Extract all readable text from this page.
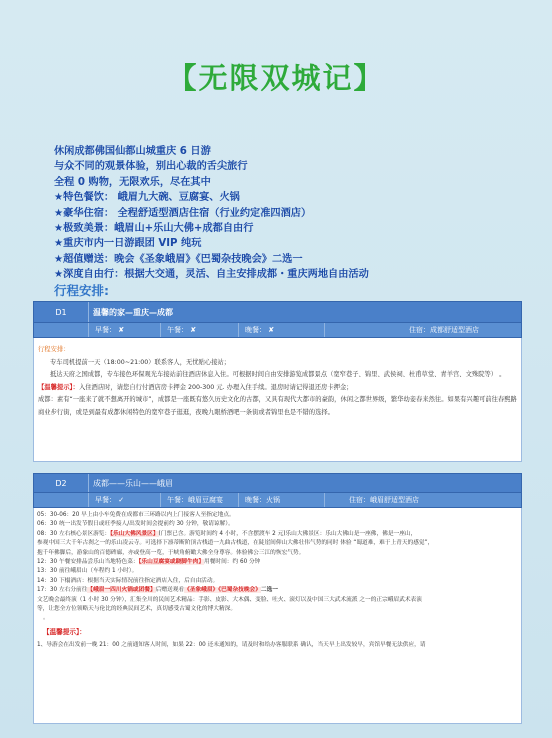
【无限双城记】
休闲成都佛国仙都山城重庆 6 日游
与众不同的观景体验，别出心裁的舌尖旅行
全程 0 购物，无限欢乐，尽在其中
★特色餐饮： 峨眉九大碗、豆腐宴、火锅
★豪华住宿： 全程舒适型酒店住宿（行业约定准四酒店）
★极致美景：峨眉山+乐山大佛+成都自由行
★重庆市内一日游跟团 VIP 纯玩
★超值赠送：晚会《圣象峨眉》《巴蜀杂技晚会》二选一
★深度自由行：根据大交通，灵活、自主安排成都・重庆两地自由活动
行程安排:
D1	温馨的家—重庆—成都
早餐： ✘	午餐： ✘	晚餐： ✘	住宿：成都舒适型酒店

行程安排：

专车司机提前一天（18:00~21:00）联系客人，无忧贴心接站；

抵达天府之国成都，专车接色环保观光车接站前往酒店休息入住。可根据时间自由安排游览成都景点（宽窄巷子、锦里、武侯祠、杜甫草堂、青羊宫、文殊院等） 。

【温馨提示】：入住酒店时，请您自行付酒店房卡押金 200-300 元. 办理入住手续。退房时请记得退还房卡押金；

成都：素有“一座来了就不想离开的城市”，成都是一座既有悠久历史文化的古都，又具有现代大都市的豪韵，休闲之都世界级，繁华幼妾春来然往。如果有兴趣可前往春熙路商业步行街，或是到最有成都休闲特色的宽窄巷子逛逛，夜晚九眼桥酒吧一条街或者锦里也是不错的选择。

D2	成都——乐山——峨眉
早餐： ✓	午餐：峨眉豆腐宴	晚餐：火锅	住宿：峨眉舒适型酒店

05：30-06：20 早上由小车免费在成都市三环路以内上门接客人至指定地点。

06：30 统一出发节假日或旺季接人/出发时间会提前约 30 分钟，敬请谅解）。

08：30 左右核心景区游览：【乐山大佛风景区】(门票已含。游览时间约 4 小时，不含摆渡车 2 元)乐山大佛景区：乐山大佛山是一座佛，佛是一座山，

参观中国三大千年古刹之一的乐山凌云寺。可选择下凛蒂断阶顶古栈道一九曲古栈道，在陡崖间仰山大佛壮伟气势的同时 体验 “蜀道难，难于上青天的感觉”，

抱千年佛脚后，游象山的百德碑廊，亦或登高一览，于峡角俯瞰大佛全身尊容。体验佛公三江的恢宏气势。

12：30 午餐安排品尝乐山当地特色菜：【乐山豆腐宴或跷脚牛肉】用餐时间：约 60 分钟

13：30 前往峨眉山（车程约 1 小时）。

14：30 下榻酒店：根据当天实际情况前往指定酒店入住，后自由活动。

17：30 左右分前往【峨眉一四川火锅或团餐】后赠送观看《圣象峨眉》《巴蜀杂技晚会》二选一

文艺晚会最终演（1 小时 30 分钟），汇集全川的民间艺术精品：手影、皮影、大木偶、变脸、吐火、滚灯以及中国三大武术流派 之一的正宗峨眉武术表演

等，让您全方位领略天与伦比的经典民间艺术，真切感受古蜀文化的博大精深。

。

【温馨提示】：

1、导游会在出发前一晚 21：00 之前通知客人时间，如果 22：00 还未通知的，请及时和给办客服联系 确认，当天早上出发较早，宾馆早餐无法供应，请
